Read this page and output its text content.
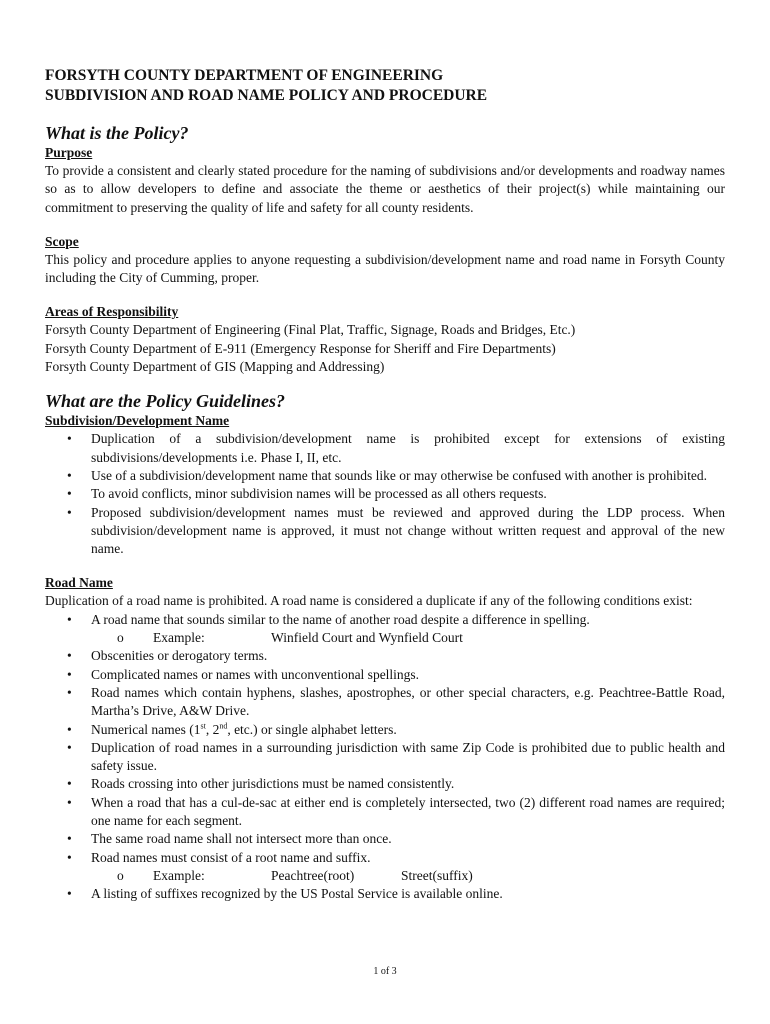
FORSYTH COUNTY DEPARTMENT OF ENGINEERING
SUBDIVISION AND ROAD NAME POLICY AND PROCEDURE
What is the Policy?
Purpose

To provide a consistent and clearly stated procedure for the naming of subdivisions and/or developments and roadway names so as to allow developers to define and associate the theme or aesthetics of their project(s) while maintaining our commitment to preserving the quality of life and safety for all county residents.

Scope

This policy and procedure applies to anyone requesting a subdivision/development name and road name in Forsyth County including the City of Cumming, proper.

Areas of Responsibility
Forsyth County Department of Engineering (Final Plat, Traffic, Signage, Roads and Bridges, Etc.)
Forsyth County Department of E-911 (Emergency Response for Sheriff and Fire Departments)
Forsyth County Department of GIS (Mapping and Addressing)
What are the Policy Guidelines?
Subdivision/Development Name
• Duplication of a subdivision/development name is prohibited except for extensions of existing subdivisions/developments i.e. Phase I, II, etc.
• Use of a subdivision/development name that sounds like or may otherwise be confused with another is prohibited.
• To avoid conflicts, minor subdivision names will be processed as all others requests.
• Proposed subdivision/development names must be reviewed and approved during the LDP process. When subdivision/development name is approved, it must not change without written request and approval of the new name.
Road Name

Duplication of a road name is prohibited. A road name is considered a duplicate if any of the following conditions exist:

• A road name that sounds similar to the name of another road despite a difference in spelling.
o Example:	Winfield Court and Wynfield Court
• Obscenities or derogatory terms.
• Complicated names or names with unconventional spellings.
• Road names which contain hyphens, slashes, apostrophes, or other special characters, e.g. Peachtree-Battle Road, Martha’s Drive, A&W Drive.
• Numerical names (1st, 2nd, etc.) or single alphabet letters.
• Duplication of road names in a surrounding jurisdiction with same Zip Code is prohibited due to public health and safety issue.
• Roads crossing into other jurisdictions must be named consistently.
• When a road that has a cul-de-sac at either end is completely intersected, two (2) different road names are required; one name for each segment.
• The same road name shall not intersect more than once.
• Road names must consist of a root name and suffix.
o Example:	Peachtree(root)	Street(suffix)
• A listing of suffixes recognized by the US Postal Service is available online.
1 of 3
